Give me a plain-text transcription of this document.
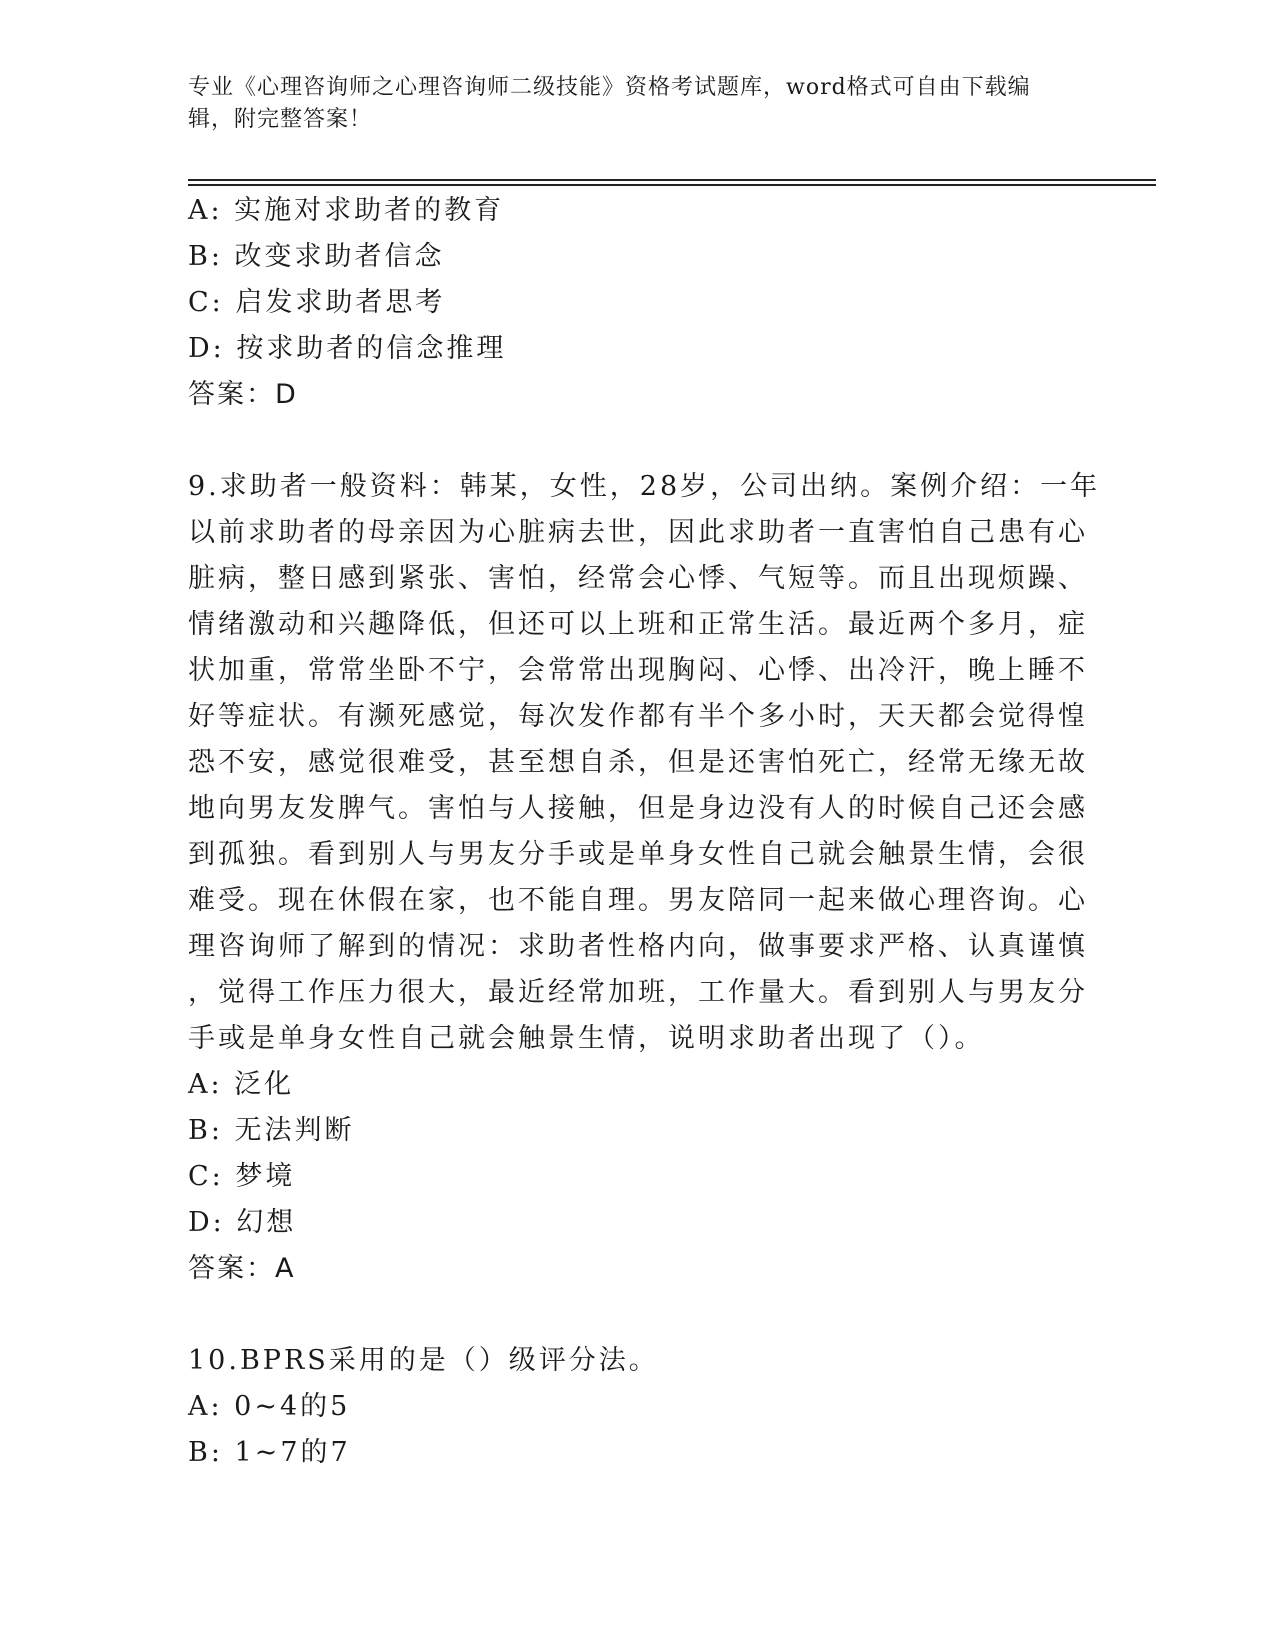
专业《心理咨询师之心理咨询师二级技能》资格考试题库，word格式可自由下载编辑，附完整答案！
A: 实施对求助者的教育
B: 改变求助者信念
C: 启发求助者思考
D: 按求助者的信念推理
答案：D
9.求助者一般资料：韩某，女性，28岁，公司出纳。案例介绍：一年
以前求助者的母亲因为心脏病去世，因此求助者一直害怕自己患有心
脏病，整日感到紧张、害怕，经常会心悸、气短等。而且出现烦躁、
情绪激动和兴趣降低，但还可以上班和正常生活。最近两个多月，症
状加重，常常坐卧不宁，会常常出现胸闷、心悸、出冷汗，晚上睡不
好等症状。有濒死感觉，每次发作都有半个多小时，天天都会觉得惶
恐不安，感觉很难受，甚至想自杀，但是还害怕死亡，经常无缘无故
地向男友发脾气。害怕与人接触，但是身边没有人的时候自己还会感
到孤独。看到别人与男友分手或是单身女性自己就会触景生情，会很
难受。现在休假在家，也不能自理。男友陪同一起来做心理咨询。心
理咨询师了解到的情况：求助者性格内向，做事要求严格、认真谨慎
，觉得工作压力很大，最近经常加班，工作量大。看到别人与男友分
手或是单身女性自己就会触景生情，说明求助者出现了（）。
A: 泛化
B: 无法判断
C: 梦境
D: 幻想
答案：A
10.BPRS采用的是（）级评分法。
A: 0~4的5
B: 1~7的7
